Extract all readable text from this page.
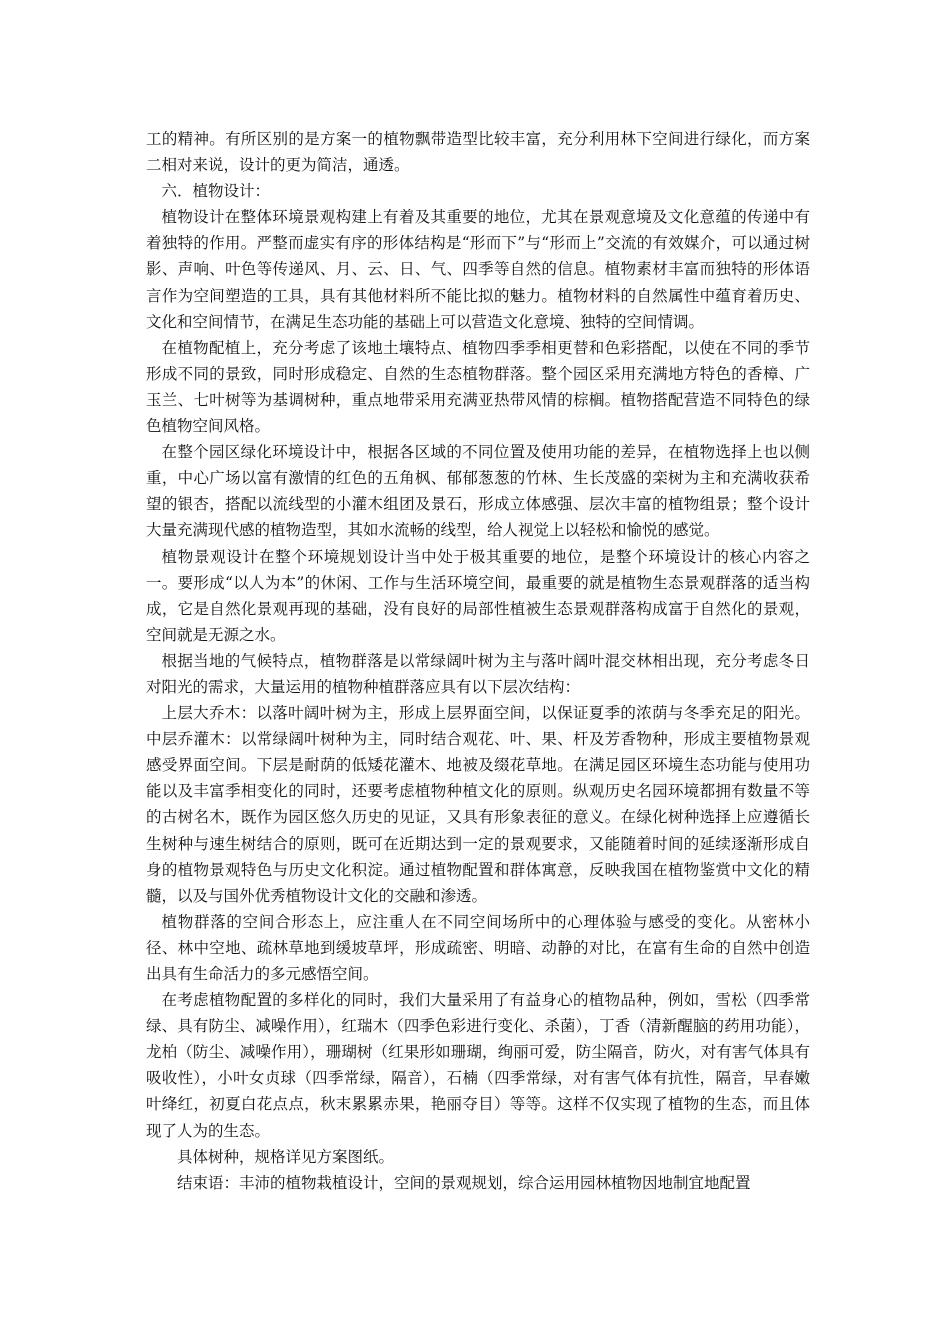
工的精神。有所区别的是方案一的植物飘带造型比较丰富，充分利用林下空间进行绿化，而方案二相对来说，设计的更为简洁，通透。

六．植物设计：

植物设计在整体环境景观构建上有着及其重要的地位，尤其在景观意境及文化意蕴的传递中有着独特的作用。严整而虚实有序的形体结构是“形而下”与“形而上”交流的有效媒介，可以通过树影、声响、叶色等传递风、月、云、日、气、四季等自然的信息。植物素材丰富而独特的形体语言作为空间塑造的工具，具有其他材料所不能比拟的魅力。植物材料的自然属性中蕴育着历史、文化和空间情节，在满足生态功能的基础上可以营造文化意境、独特的空间情调。

在植物配植上，充分考虑了该地土壤特点、植物四季季相更替和色彩搭配，以使在不同的季节形成不同的景致，同时形成稳定、自然的生态植物群落。整个园区采用充满地方特色的香樟、广玉兰、七叶树等为基调树种，重点地带采用充满亚热带风情的棕榈。植物搭配营造不同特色的绿色植物空间风格。

在整个园区绿化环境设计中，根据各区域的不同位置及使用功能的差异，在植物选择上也以侧重，中心广场以富有激情的红色的五角枫、郁郁葱葱的竹林、生长茂盛的栾树为主和充满收获希望的银杏，搭配以流线型的小灌木组团及景石，形成立体感强、层次丰富的植物组景；整个设计大量充满现代感的植物造型，其如水流畅的线型，给人视觉上以轻松和愉悦的感觉。

植物景观设计在整个环境规划设计当中处于极其重要的地位，是整个环境设计的核心内容之一。要形成“以人为本”的休闲、工作与生活环境空间，最重要的就是植物生态景观群落的适当构成，它是自然化景观再现的基础，没有良好的局部性植被生态景观群落构成富于自然化的景观，空间就是无源之水。

根据当地的气候特点，植物群落是以常绿阔叶树为主与落叶阔叶混交林相出现，充分考虑冬日对阳光的需求，大量运用的植物种植群落应具有以下层次结构：

上层大乔木：以落叶阔叶树为主，形成上层界面空间，以保证夏季的浓荫与冬季充足的阳光。中层乔灌木：以常绿阔叶树种为主，同时结合观花、叶、果、杆及芳香物种，形成主要植物景观感受界面空间。下层是耐荫的低矮花灌木、地被及缀花草地。在满足园区环境生态功能与使用功能以及丰富季相变化的同时，还要考虑植物种植文化的原则。纵观历史名园环境都拥有数量不等的古树名木，既作为园区悠久历史的见证，又具有形象表征的意义。在绿化树种选择上应遵循长生树种与速生树结合的原则，既可在近期达到一定的景观要求，又能随着时间的延续逐渐形成自身的植物景观特色与历史文化积淀。通过植物配置和群体寓意，反映我国在植物鉴赏中文化的精髓，以及与国外优秀植物设计文化的交融和渗透。

植物群落的空间合形态上，应注重人在不同空间场所中的心理体验与感受的变化。从密林小径、林中空地、疏林草地到缓坡草坪，形成疏密、明暗、动静的对比，在富有生命的自然中创造出具有生命活力的多元感悟空间。

在考虑植物配置的多样化的同时，我们大量采用了有益身心的植物品种，例如，雪松（四季常绿、具有防尘、减噪作用），红瑞木（四季色彩进行变化、杀菌），丁香（清新醒脑的药用功能），龙柏（防尘、减噪作用），珊瑚树（红果形如珊瑚，绚丽可爱，防尘隔音，防火，对有害气体具有吸收性），小叶女贞球（四季常绿，隔音），石楠（四季常绿，对有害气体有抗性，隔音，早春嫩叶绛红，初夏白花点点，秋末累累赤果，艳丽夺目）等等。这样不仅实现了植物的生态，而且体现了人为的生态。

具体树种，规格详见方案图纸。

结束语：丰沛的植物栽植设计，空间的景观规划，综合运用园林植物因地制宜地配置
